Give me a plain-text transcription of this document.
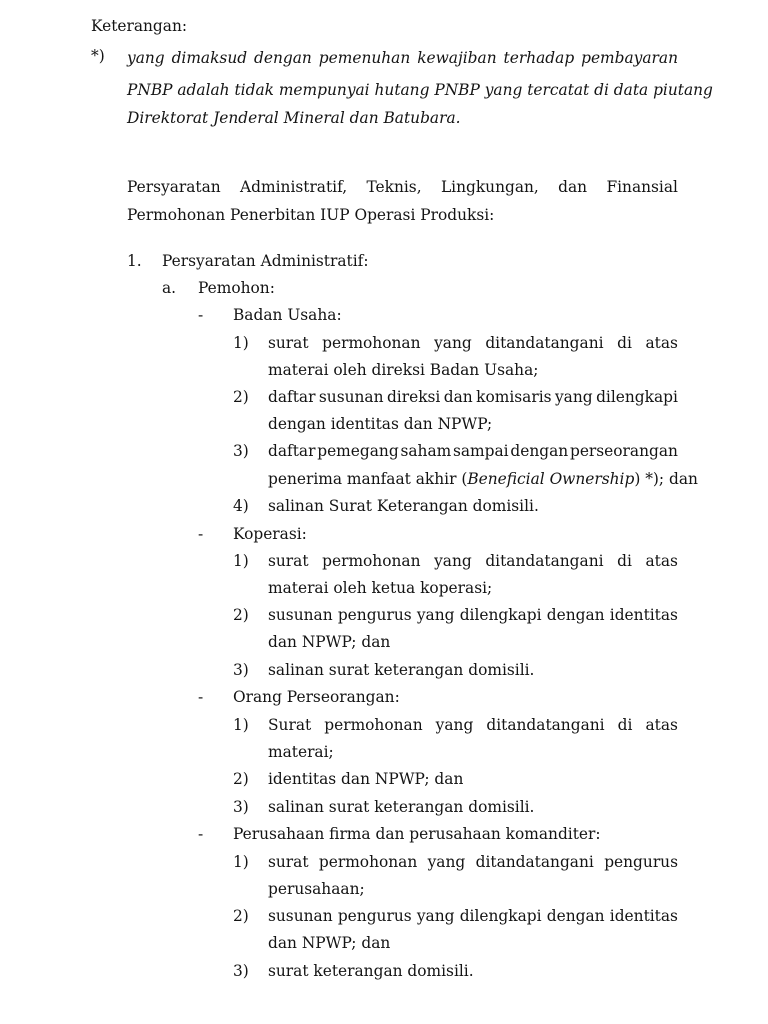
Keterangan:
*) yang dimaksud dengan pemenuhan kewajiban terhadap pembayaran
PNBP adalah tidak mempunyai hutang PNBP yang tercatat di data piutang
Direktorat Jenderal Mineral dan Batubara.
Persyaratan Administratif, Teknis, Lingkungan, dan Finansial
Permohonan Penerbitan IUP Operasi Produksi:
1. Persyaratan Administratif:
a. Pemohon:
- Badan Usaha:
1) surat permohonan yang ditandatangani di atas
materai oleh direksi Badan Usaha;
2) daftar susunan direksi dan komisaris yang dilengkapi
dengan identitas dan NPWP;
3) daftar pemegang saham sampai dengan perseorangan
penerima manfaat akhir (Beneficial Ownership) *); dan
4) salinan Surat Keterangan domisili.
- Koperasi:
1) surat permohonan yang ditandatangani di atas
materai oleh ketua koperasi;
2) susunan pengurus yang dilengkapi dengan identitas
dan NPWP; dan
3) salinan surat keterangan domisili.
- Orang Perseorangan:
1) Surat permohonan yang ditandatangani di atas
materai;
2) identitas dan NPWP; dan
3) salinan surat keterangan domisili.
- Perusahaan firma dan perusahaan komanditer:
1) surat permohonan yang ditandatangani pengurus
perusahaan;
2) susunan pengurus yang dilengkapi dengan identitas
dan NPWP; dan
3) surat keterangan domisili.
